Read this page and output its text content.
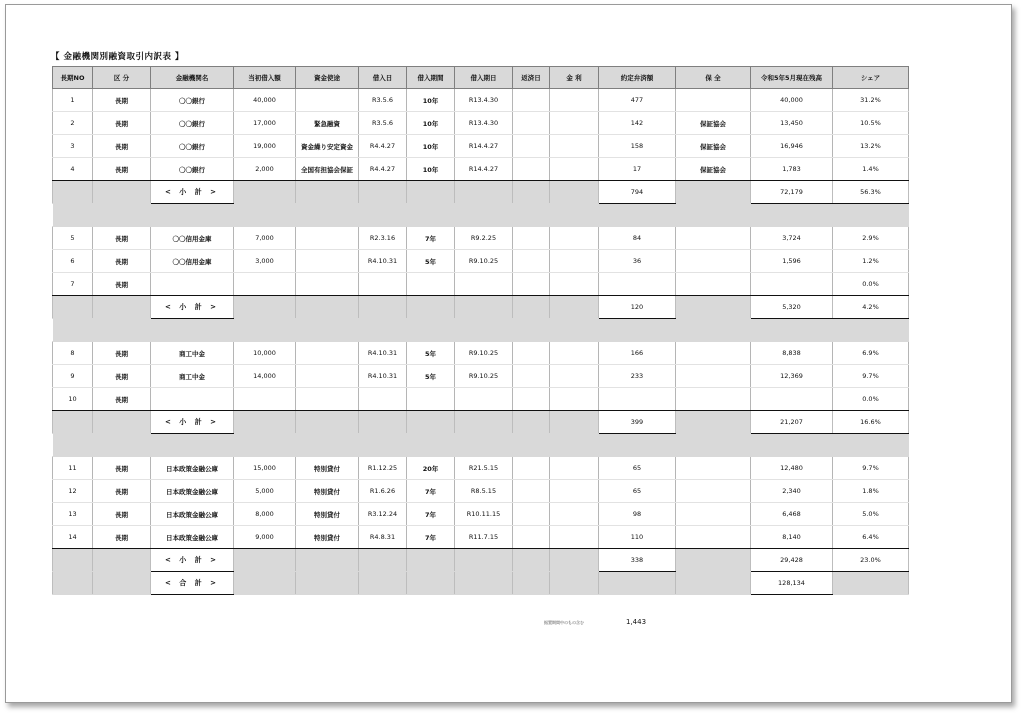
【 金融機関別融資取引内訳表 】
長期NO	区 分	金融機関名	当初借入額	資金使途	借入日	借入期間	借入期日	返済日	金 利	約定弁済額	保 全	令和5年5月現在残高	シェア
1	長期	〇〇銀行	40,000		R3.5.6	10年	R13.4.30			477		40,000	31.2%
2	長期	〇〇銀行	17,000	緊急融資	R3.5.6	10年	R13.4.30			142	保証協会	13,450	10.5%
3	長期	〇〇銀行	19,000	資金繰り安定資金	R4.4.27	10年	R14.4.27			158	保証協会	16,946	13.2%
4	長期	〇〇銀行	2,000	全国有担協会保証	R4.4.27	10年	R14.4.27			17	保証協会	1,783	1.4%
		< 小 計 >								794		72,179	56.3%

5	長期	〇〇信用金庫	7,000		R2.3.16	7年	R9.2.25			84		3,724	2.9%
6	長期	〇〇信用金庫	3,000		R4.10.31	5年	R9.10.25			36		1,596	1.2%
7	長期												0.0%
		< 小 計 >								120		5,320	4.2%

8	長期	商工中金	10,000		R4.10.31	5年	R9.10.25			166		8,838	6.9%
9	長期	商工中金	14,000		R4.10.31	5年	R9.10.25			233		12,369	9.7%
10	長期												0.0%
		< 小 計 >								399		21,207	16.6%

11	長期	日本政策金融公庫	15,000	特別貸付	R1.12.25	20年	R21.5.15			65		12,480	9.7%
12	長期	日本政策金融公庫	5,000	特別貸付	R1.6.26	7年	R8.5.15			65		2,340	1.8%
13	長期	日本政策金融公庫	8,000	特別貸付	R3.12.24	7年	R10.11.15			98		6,468	5.0%
14	長期	日本政策金融公庫	9,000	特別貸付	R4.8.31	7年	R11.7.15			110		8,140	6.4%
		< 小 計 >								338		29,428	23.0%
		< 合 計 >										128,134	
据置期間中のもの含む	1,443
